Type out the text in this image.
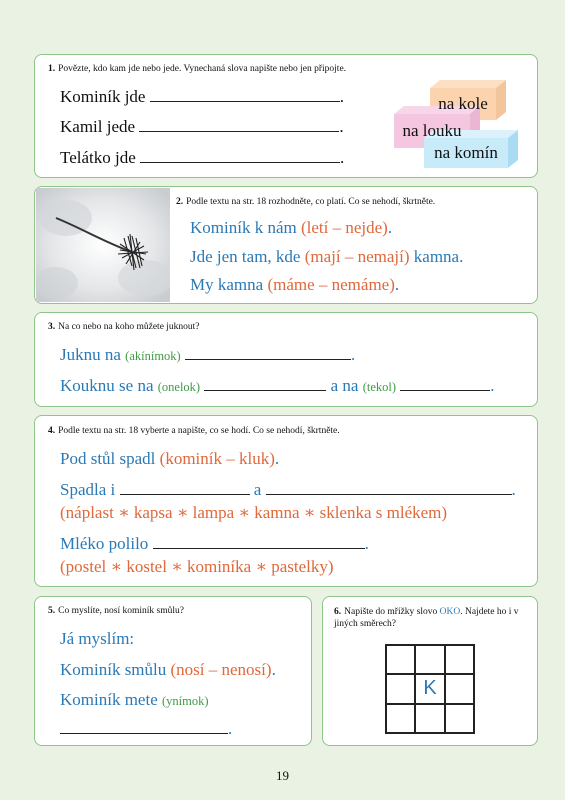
1. Povězte, kdo kam jde nebo jede. Vynechaná slova napište nebo jen připojte.
Kominík jde	.
Kamil jede	.
Telátko jde	.
na kole
na louku
na komín
2. Podle textu na str. 18 rozhodněte, co platí. Co se nehodí, škrtněte.
Kominík k nám (letí – nejde).
Jde jen tam, kde (mají – nemají) kamna.
My kamna (máme – nemáme).
3. Na co nebo na koho můžete juknout?
Juknu na (akínímok)	.
Kouknu se na (onelok)	a na (tekol)	.
4. Podle textu na str. 18 vyberte a napište, co se hodí. Co se nehodí, škrtněte.
Pod stůl spadl (kominík – kluk).
Spadla i	a	.
(náplast ∗ kapsa ∗ lampa ∗ kamna ∗ sklenka s mlékem)
Mléko polilo	.
(postel ∗ kostel ∗ kominíka ∗ pastelky)
5. Co myslíte, nosí kominík smůlu?
Já myslím:
Kominík smůlu (nosí – nenosí).
Kominík mete (ynímok)
.
6. Napište do mřížky slovo OKO. Najdete ho i v jiných směrech?
K
19
